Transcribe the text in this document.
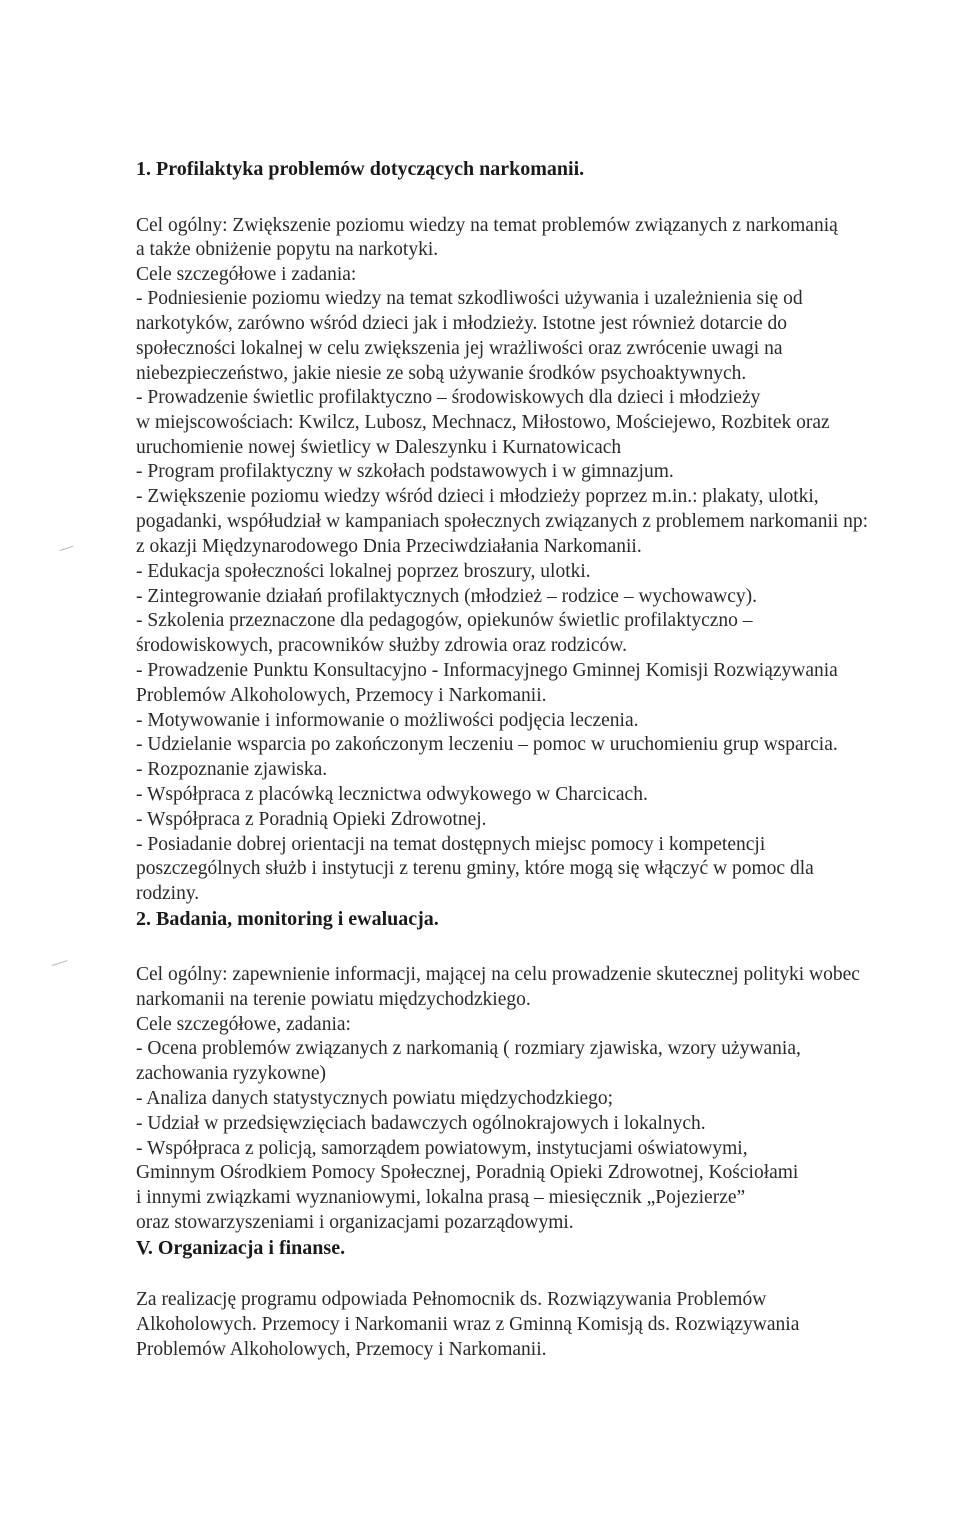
1. Profilaktyka problemów dotyczących narkomanii.
Cel ogólny: Zwiększenie poziomu wiedzy na temat problemów związanych z narkomanią
a także obniżenie popytu na narkotyki.
Cele szczegółowe i zadania:
- Podniesienie poziomu wiedzy na temat szkodliwości używania i uzależnienia się od
narkotyków, zarówno wśród dzieci jak i młodzieży. Istotne jest również dotarcie do
społeczności lokalnej w celu zwiększenia jej wrażliwości oraz zwrócenie uwagi na
niebezpieczeństwo, jakie niesie ze sobą używanie środków psychoaktywnych.
- Prowadzenie świetlic profilaktyczno – środowiskowych dla dzieci i młodzieży
w miejscowościach: Kwilcz, Lubosz, Mechnacz, Miłostowo, Mościejewo, Rozbitek oraz
uruchomienie nowej świetlicy w Daleszynku i Kurnatowicach
- Program profilaktyczny w szkołach podstawowych i w gimnazjum.
- Zwiększenie poziomu wiedzy wśród dzieci i młodzieży poprzez m.in.: plakaty, ulotki,
pogadanki, współudział w kampaniach społecznych związanych z problemem narkomanii np:
z okazji Międzynarodowego Dnia Przeciwdziałania Narkomanii.
- Edukacja społeczności lokalnej poprzez broszury, ulotki.
- Zintegrowanie działań profilaktycznych (młodzież – rodzice – wychowawcy).
- Szkolenia przeznaczone dla pedagogów, opiekunów świetlic profilaktyczno –
środowiskowych, pracowników służby zdrowia oraz rodziców.
- Prowadzenie Punktu Konsultacyjno - Informacyjnego Gminnej Komisji Rozwiązywania
Problemów Alkoholowych, Przemocy i Narkomanii.
- Motywowanie i informowanie o możliwości podjęcia leczenia.
- Udzielanie wsparcia po zakończonym leczeniu – pomoc w uruchomieniu grup wsparcia.
- Rozpoznanie zjawiska.
- Współpraca z placówką lecznictwa odwykowego w Charcicach.
- Współpraca z Poradnią Opieki Zdrowotnej.
- Posiadanie dobrej orientacji na temat dostępnych miejsc pomocy i kompetencji
poszczególnych służb i instytucji z terenu gminy, które mogą się włączyć w pomoc dla
rodziny.
2. Badania, monitoring i ewaluacja.
Cel ogólny: zapewnienie informacji, mającej na celu prowadzenie skutecznej polityki wobec
narkomanii na terenie powiatu międzychodzkiego.
Cele szczegółowe, zadania:
- Ocena problemów związanych z narkomanią ( rozmiary zjawiska, wzory używania,
zachowania ryzykowne)
- Analiza danych statystycznych powiatu międzychodzkiego;
- Udział w przedsięwzięciach badawczych ogólnokrajowych i lokalnych.
- Współpraca z policją, samorządem powiatowym, instytucjami oświatowymi,
Gminnym Ośrodkiem Pomocy Społecznej, Poradnią Opieki Zdrowotnej, Kościołami
i innymi związkami wyznaniowymi, lokalna prasą – miesięcznik „Pojezierze”
oraz stowarzyszeniami i organizacjami pozarządowymi.
V. Organizacja i finanse.
Za realizację programu odpowiada Pełnomocnik ds. Rozwiązywania Problemów
Alkoholowych. Przemocy i Narkomanii wraz z Gminną Komisją ds. Rozwiązywania
Problemów Alkoholowych, Przemocy i Narkomanii.
